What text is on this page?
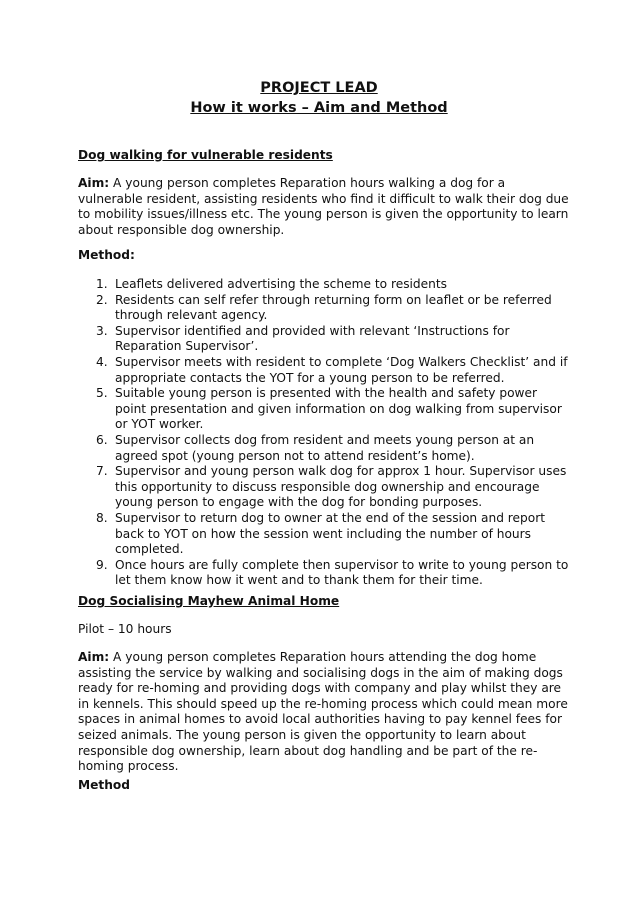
PROJECT LEAD
How it works – Aim and Method
Dog walking for vulnerable residents
Aim: A young person completes Reparation hours walking a dog for a vulnerable resident, assisting residents who find it difficult to walk their dog due to mobility issues/illness etc. The young person is given the opportunity to learn about responsible dog ownership.
Method:
1. Leaflets delivered advertising the scheme to residents
2. Residents can self refer through returning form on leaflet or be referred through relevant agency.
3. Supervisor identified and provided with relevant ‘Instructions for Reparation Supervisor’.
4. Supervisor meets with resident to complete ‘Dog Walkers Checklist’ and if appropriate contacts the YOT for a young person to be referred.
5. Suitable young person is presented with the health and safety power point presentation and given information on dog walking from supervisor or YOT worker.
6. Supervisor collects dog from resident and meets young person at an agreed spot (young person not to attend resident’s home).
7. Supervisor and young person walk dog for approx 1 hour. Supervisor uses this opportunity to discuss responsible dog ownership and encourage young person to engage with the dog for bonding purposes.
8. Supervisor to return dog to owner at the end of the session and report back to YOT on how the session went including the number of hours completed.
9. Once hours are fully complete then supervisor to write to young person to let them know how it went and to thank them for their time.
Dog Socialising Mayhew Animal Home
Pilot – 10 hours
Aim: A young person completes Reparation hours attending the dog home assisting the service by walking and socialising dogs in the aim of making dogs ready for re-homing and providing dogs with company and play whilst they are in kennels. This should speed up the re-homing process which could mean more spaces in animal homes to avoid local authorities having to pay kennel fees for seized animals. The young person is given the opportunity to learn about responsible dog ownership, learn about dog handling and be part of the re-homing process.
Method
